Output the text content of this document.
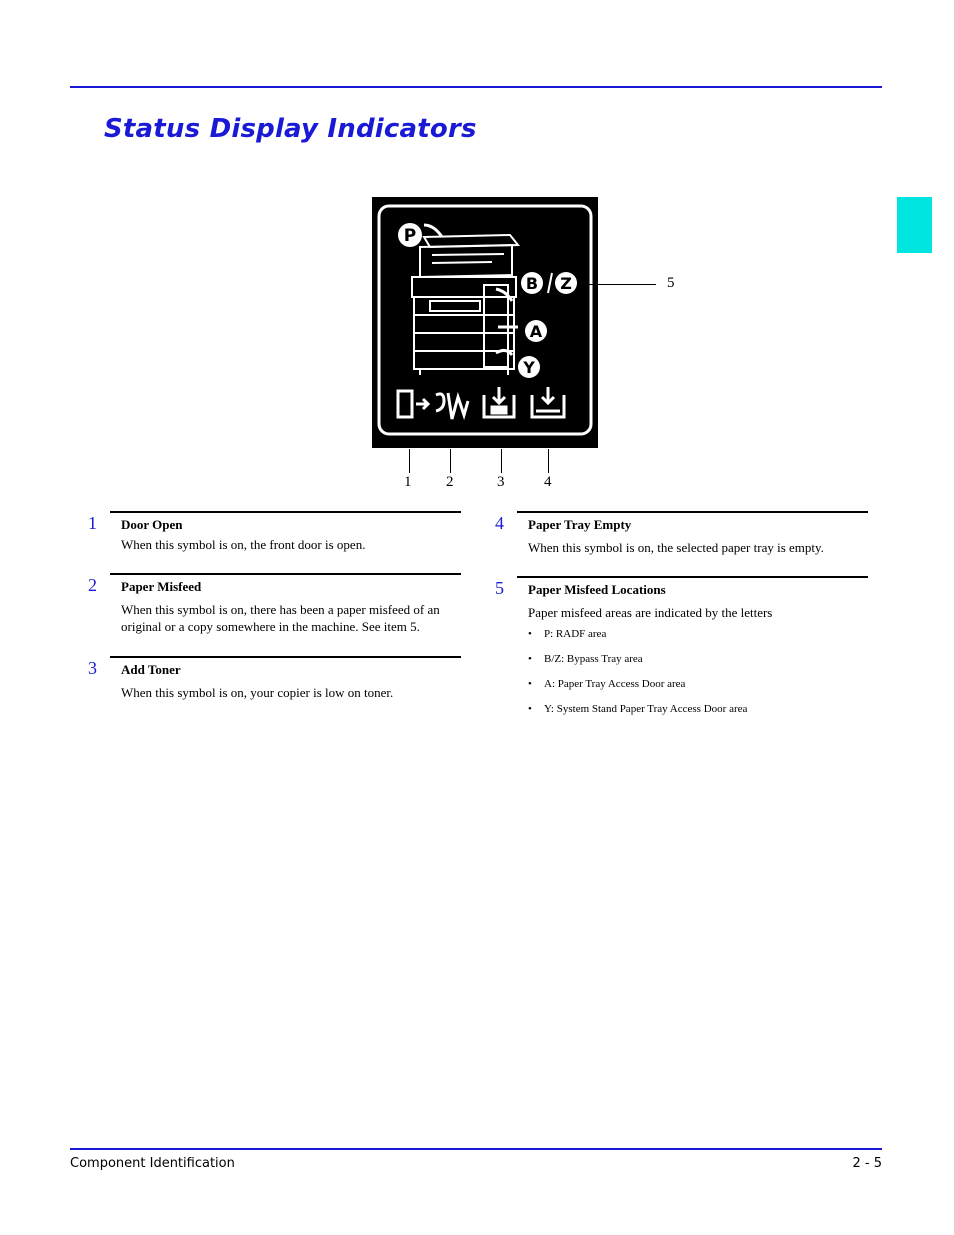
Status Display Indicators
P
B Z
A
Y
5
1 2	3	4
1 Door Open
When this symbol is on, the front door is open.
2 Paper Misfeed
When this symbol is on, there has been a paper misfeed of an original or a copy somewhere in the machine. See item 5.
3 Add Toner
When this symbol is on, your copier is low on toner.
4 Paper Tray Empty
When this symbol is on, the selected paper tray is empty.
5 Paper Misfeed Locations
Paper misfeed areas are indicated by the letters
• P: RADF area
• B/Z: Bypass Tray area
• A: Paper Tray Access Door area
• Y: System Stand Paper Tray Access Door area
Component Identification	2 - 5
